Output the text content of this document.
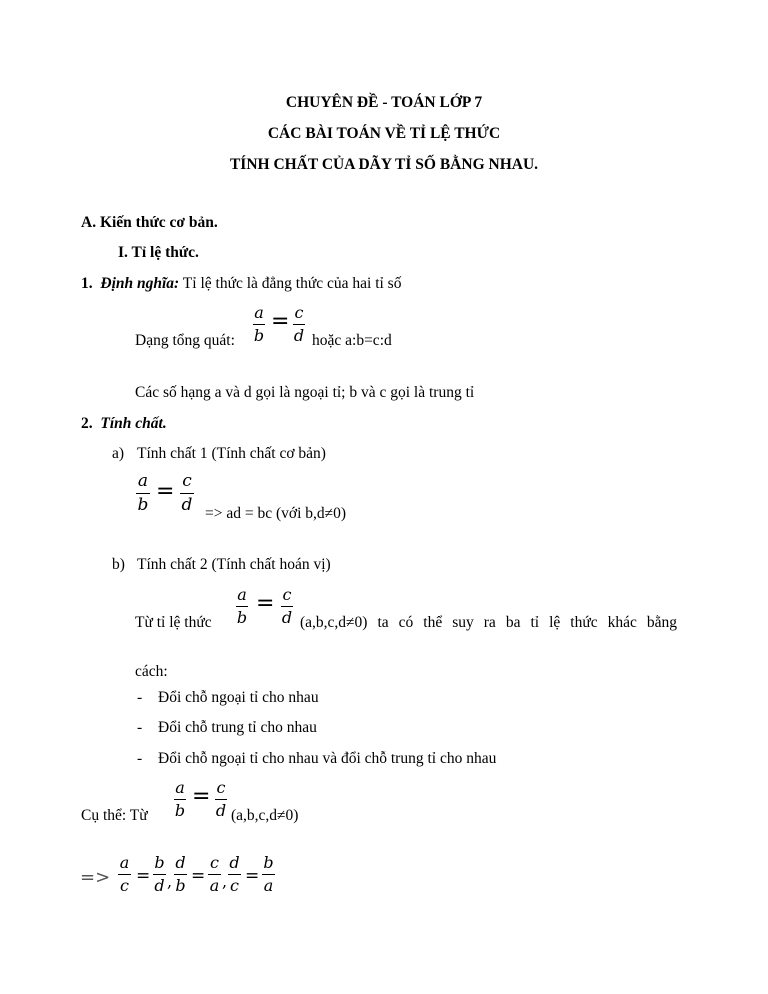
CHUYÊN ĐỀ - TOÁN LỚP 7
CÁC BÀI TOÁN VỀ TỈ LỆ THỨC
TÍNH CHẤT CỦA DÃY TỈ SỐ BẰNG NHAU.
A. Kiến thức cơ bản.
I. Tỉ lệ thức.
1. Định nghĩa: Tỉ lệ thức là đẳng thức của hai tỉ số
Dạng tổng quát:
a
b
= c
d hoặc a:b=c:d
Các số hạng a và d gọi là ngoại tỉ; b và c gọi là trung tỉ
2. Tính chất.
a) Tính chất 1 (Tính chất cơ bản)
a
b
= c
d => ad = bc (với b,d≠0)
b) Tính chất 2 (Tính chất hoán vị)
Từ tỉ lệ thức
a
b
= c
d (a,b,c,d≠0) ta có thể suy ra ba tỉ lệ thức khác bằng
cách:
- Đổi chỗ ngoại tỉ cho nhau
- Đổi chỗ trung tỉ cho nhau
- Đổi chỗ ngoại tỉ cho nhau và đổi chỗ trung tỉ cho nhau
Cụ thể: Từ
a
b
= c
d (a,b,c,d≠0)
=>
a
c =
b
d ,
d
b =
c
a ,
d
c =
b
a
